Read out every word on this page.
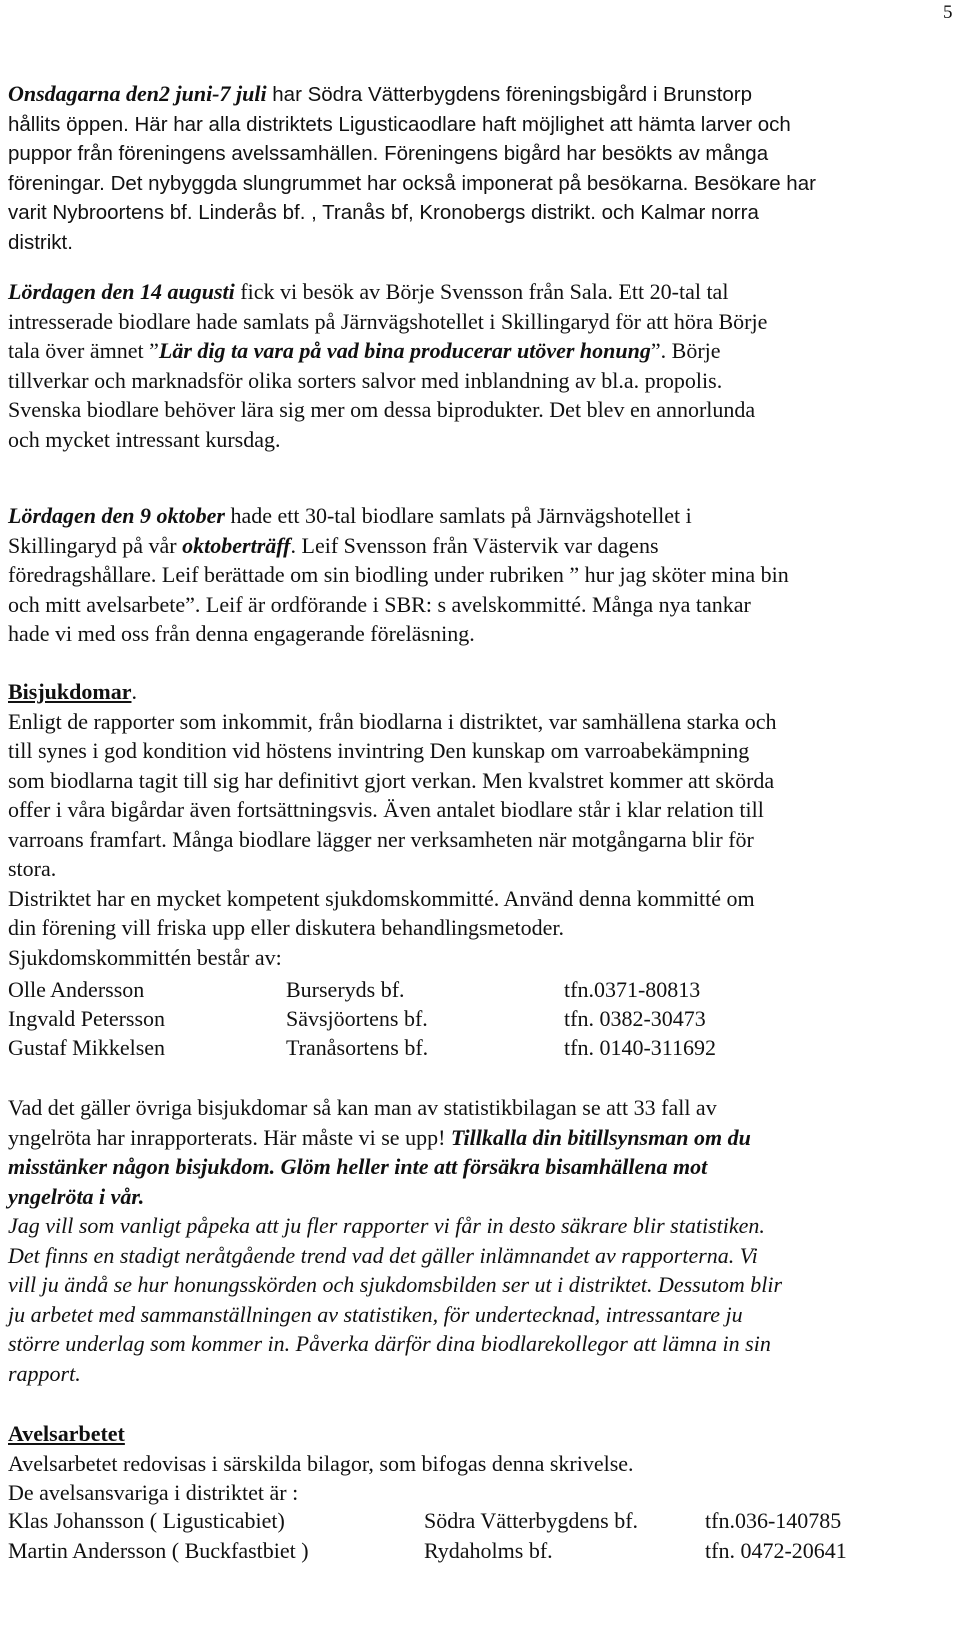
5
Onsdagarna den2 juni-7 juli har Södra Vätterbygdens föreningsbigård i Brunstorp
hållits öppen. Här har alla distriktets Ligusticaodlare haft möjlighet att hämta larver och
puppor från föreningens avelssamhällen. Föreningens bigård har besökts av många
föreningar. Det nybyggda slungrummet har också imponerat på besökarna. Besökare har
varit Nybroortens bf. Linderås bf. , Tranås bf, Kronobergs distrikt. och Kalmar norra
distrikt.
Lördagen den 14 augusti fick vi besök av Börje Svensson från Sala. Ett 20-tal tal
intresserade biodlare hade samlats på Järnvägshotellet i Skillingaryd för att höra Börje
tala över ämnet ”Lär dig ta vara på vad bina producerar utöver honung”. Börje
tillverkar och marknadsför olika sorters salvor med inblandning av bl.a. propolis.
Svenska biodlare behöver lära sig mer om dessa biprodukter. Det blev en annorlunda
och mycket intressant kursdag.
Lördagen den 9 oktober hade ett 30-tal biodlare samlats på Järnvägshotellet i
Skillingaryd på vår oktoberträff. Leif Svensson från Västervik var dagens
föredragshållare. Leif berättade om sin biodling under rubriken ” hur jag sköter mina bin
och mitt avelsarbete”. Leif är ordförande i SBR: s avelskommitté. Många nya tankar
hade vi med oss från denna engagerande föreläsning.
Bisjukdomar.
Enligt de rapporter som inkommit, från biodlarna i distriktet, var samhällena starka och
till synes i god kondition vid höstens invintring Den kunskap om varroabekämpning
som biodlarna tagit till sig har definitivt gjort verkan. Men kvalstret kommer att skörda
offer i våra bigårdar även fortsättningsvis. Även antalet biodlare står i klar relation till
varroans framfart. Många biodlare lägger ner verksamheten när motgångarna blir för
stora.
Distriktet har en mycket kompetent sjukdomskommitté. Använd denna kommitté om
din förening vill friska upp eller diskutera behandlingsmetoder.
Sjukdomskommittén består av:
Olle Andersson	Burseryds bf.	tfn.0371-80813
Ingvald Petersson	Sävsjöortens bf.	tfn. 0382-30473
Gustaf Mikkelsen	Tranåsortens bf.	tfn. 0140-311692
Vad det gäller övriga bisjukdomar så kan man av statistikbilagan se att 33 fall av
yngelröta har inrapporterats. Här måste vi se upp! Tillkalla din bitillsynsman om du
misstänker någon bisjukdom. Glöm heller inte att försäkra bisamhällena mot
yngelröta i vår.
Jag vill som vanligt påpeka att ju fler rapporter vi får in desto säkrare blir statistiken.
Det finns en stadigt neråtgående trend vad det gäller inlämnandet av rapporterna. Vi
vill ju ändå se hur honungsskörden och sjukdomsbilden ser ut i distriktet. Dessutom blir
ju arbetet med sammanställningen av statistiken, för undertecknad, intressantare ju
större underlag som kommer in. Påverka därför dina biodlarekollegor att lämna in sin
rapport.
Avelsarbetet
Avelsarbetet redovisas i särskilda bilagor, som bifogas denna skrivelse.
De avelsansvariga i distriktet är :
Klas Johansson ( Ligusticabiet)	Södra Vätterbygdens bf.	tfn.036-140785
Martin Andersson ( Buckfastbiet )	Rydaholms bf.	tfn. 0472-20641
